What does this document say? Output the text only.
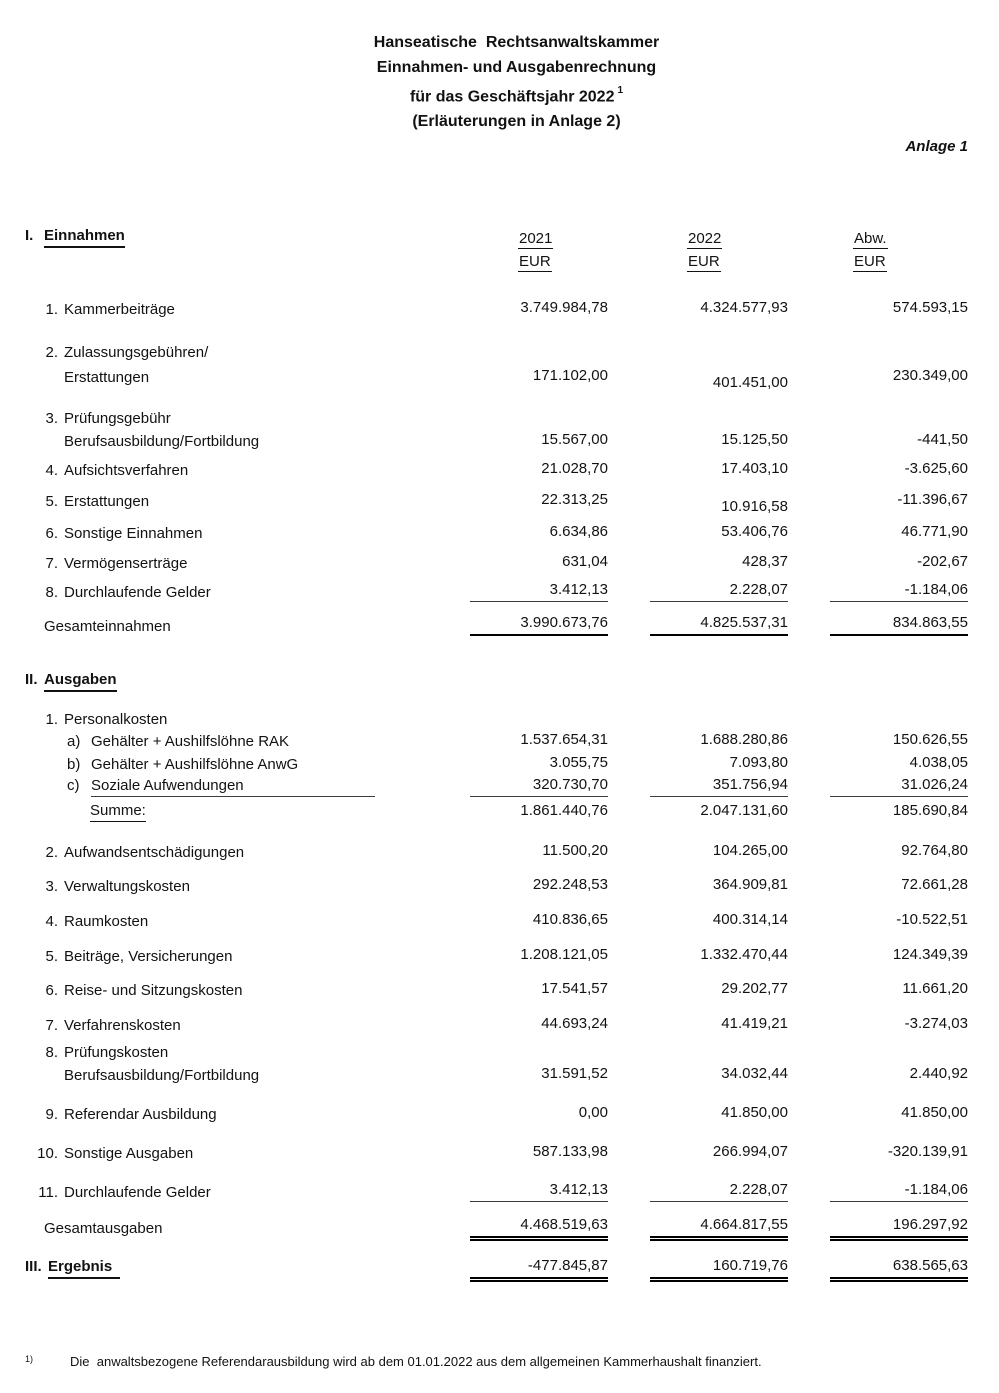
Hanseatische  Rechtsanwaltskammer
Einnahmen- und Ausgabenrechnung
für das Geschäftsjahr 2022 $^1$
(Erläuterungen in Anlage 2)
Anlage 1
I. Einnahmen	2021	2022	Abw.
EUR	EUR	EUR
1. Kammerbeiträge	3.749.984,78	4.324.577,93	574.593,15
2. Zulassungsgebühren/
Erstattungen	171.102,00	401.451,00	230.349,00
3. Prüfungsgebühr
Berufsausbildung/Fortbildung	15.567,00	15.125,50	-441,50
4. Aufsichtsverfahren	21.028,70	17.403,10	-3.625,60
5. Erstattungen	22.313,25	10.916,58	-11.396,67
6. Sonstige Einnahmen	6.634,86	53.406,76	46.771,90
7. Vermögenserträge	631,04	428,37	-202,67
8. Durchlaufende Gelder	3.412,13	2.228,07	-1.184,06
Gesamteinnahmen	3.990.673,76	4.825.537,31	834.863,55
II. Ausgaben
1. Personalkosten
a) Gehälter + Aushilfslöhne RAK	1.537.654,31	1.688.280,86	150.626,55
b) Gehälter + Aushilfslöhne AnwG	3.055,75	7.093,80	4.038,05
c) Soziale Aufwendungen	320.730,70	351.756,94	31.026,24
Summe:	1.861.440,76	2.047.131,60	185.690,84
2. Aufwandsentschädigungen	11.500,20	104.265,00	92.764,80
3. Verwaltungskosten	292.248,53	364.909,81	72.661,28
4. Raumkosten	410.836,65	400.314,14	-10.522,51
5. Beiträge, Versicherungen	1.208.121,05	1.332.470,44	124.349,39
6. Reise- und Sitzungskosten	17.541,57	29.202,77	11.661,20
7. Verfahrenskosten	44.693,24	41.419,21	-3.274,03
8. Prüfungskosten
Berufsausbildung/Fortbildung	31.591,52	34.032,44	2.440,92
9. Referendar Ausbildung	0,00	41.850,00	41.850,00
10. Sonstige Ausgaben	587.133,98	266.994,07	-320.139,91
11. Durchlaufende Gelder	3.412,13	2.228,07	-1.184,06
Gesamtausgaben	4.468.519,63	4.664.817,55	196.297,92
III. Ergebnis	-477.845,87	160.719,76	638.565,63
1)	Die  anwaltsbezogene Referendarausbildung wird ab dem 01.01.2022 aus dem allgemeinen Kammerhaushalt finanziert.
